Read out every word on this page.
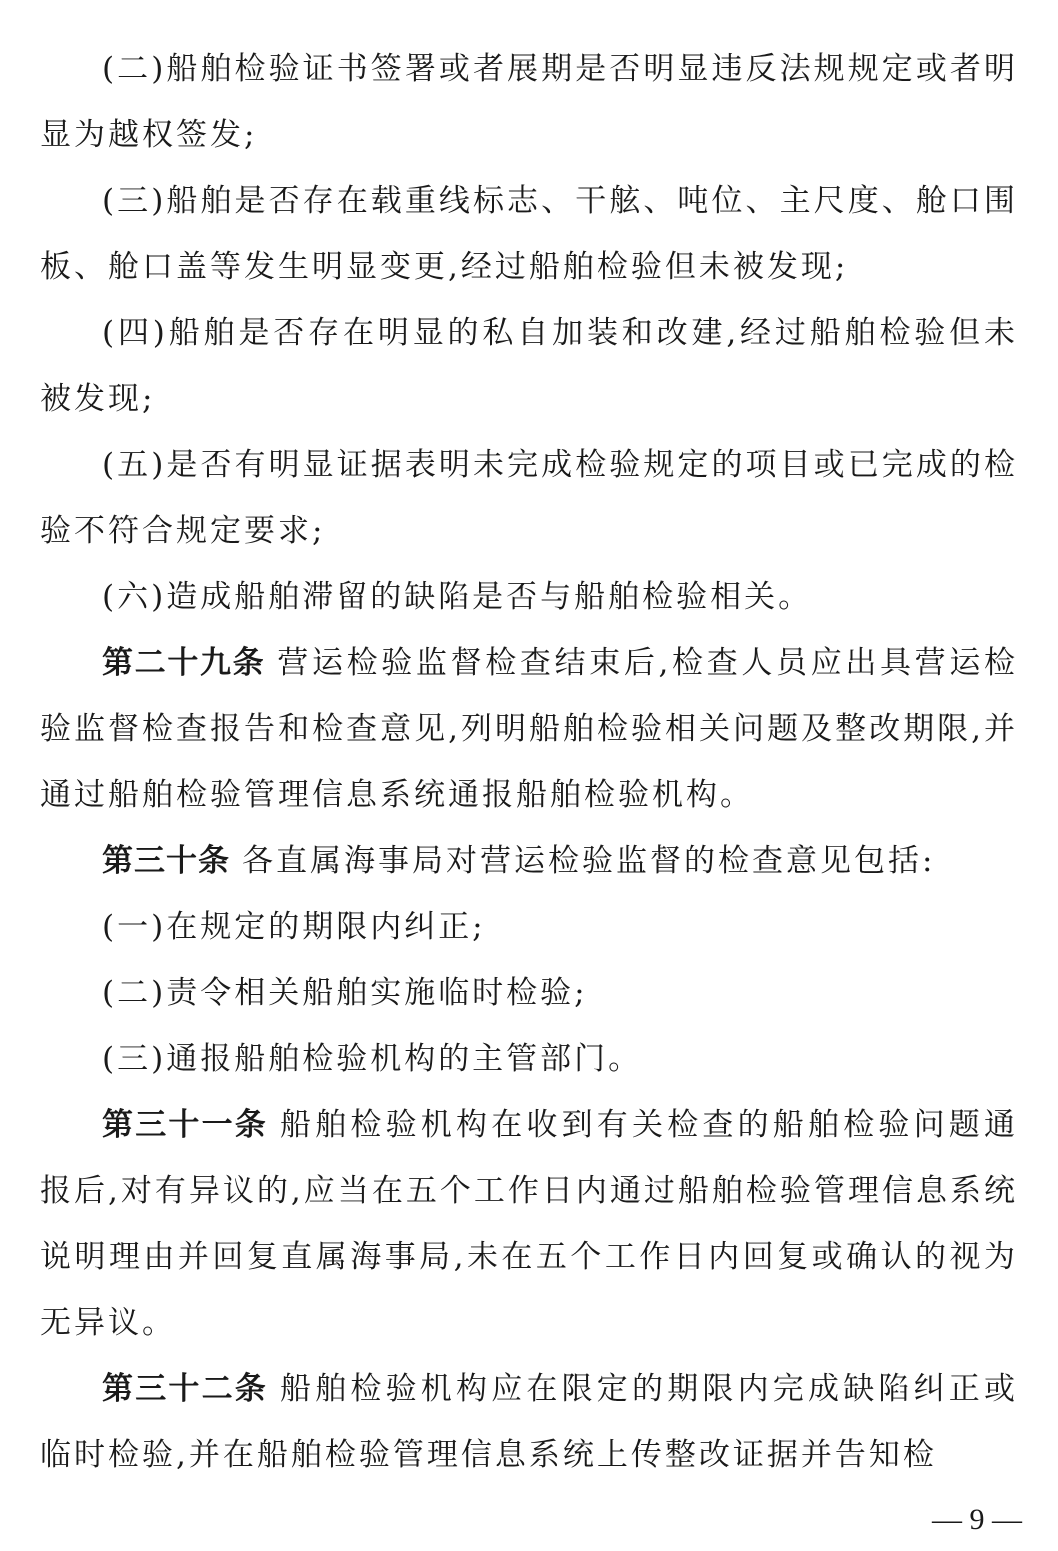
(二)船舶检验证书签署或者展期是否明显违反法规规定或者明显为越权签发;

(三)船舶是否存在载重线标志、干舷、吨位、主尺度、舱口围板、舱口盖等发生明显变更,经过船舶检验但未被发现;

(四)船舶是否存在明显的私自加装和改建,经过船舶检验但未被发现;

(五)是否有明显证据表明未完成检验规定的项目或已完成的检验不符合规定要求;

(六)造成船舶滞留的缺陷是否与船舶检验相关。

第二十九条 营运检验监督检查结束后,检查人员应出具营运检验监督检查报告和检查意见,列明船舶检验相关问题及整改期限,并通过船舶检验管理信息系统通报船舶检验机构。

第三十条 各直属海事局对营运检验监督的检查意见包括:

(一)在规定的期限内纠正;

(二)责令相关船舶实施临时检验;

(三)通报船舶检验机构的主管部门。

第三十一条 船舶检验机构在收到有关检查的船舶检验问题通报后,对有异议的,应当在五个工作日内通过船舶检验管理信息系统说明理由并回复直属海事局,未在五个工作日内回复或确认的视为无异议。

第三十二条 船舶检验机构应在限定的期限内完成缺陷纠正或临时检验,并在船舶检验管理信息系统上传整改证据并告知检

— 9 —
